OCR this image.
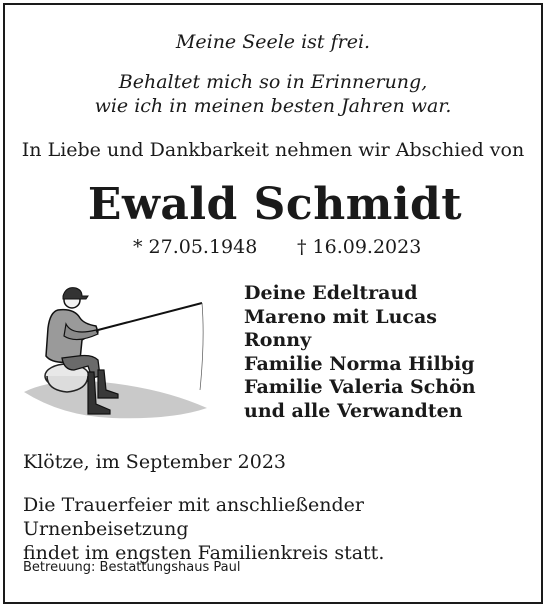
Meine Seele ist frei.
Behaltet mich so in Erinnerung,
wie ich in meinen besten Jahren war.
In Liebe und Dankbarkeit nehmen wir Abschied von
Ewald Schmidt
* 27.05.1948 † 16.09.2023
Deine Edeltraud
Mareno mit Lucas
Ronny
Familie Norma Hilbig
Familie Valeria Schön
und alle Verwandten
Klötze, im September 2023
Die Trauerfeier mit anschließender Urnenbeisetzung
findet im engsten Familienkreis statt.
Betreuung: Bestattungshaus Paul
